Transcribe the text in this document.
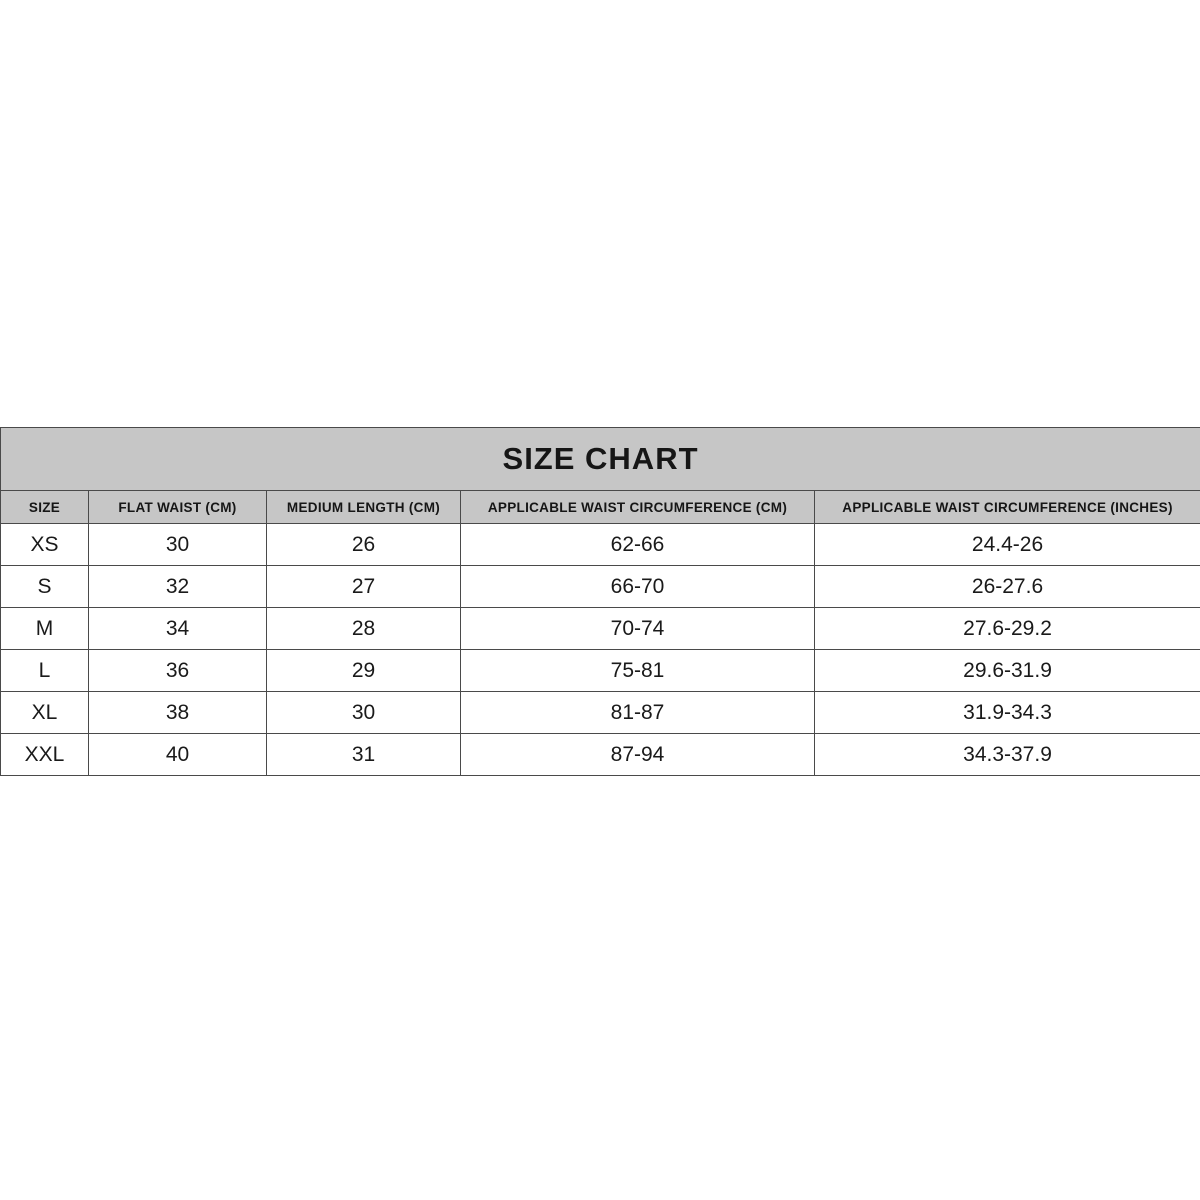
SIZE CHART				
SIZE	FLAT WAIST (CM)	MEDIUM LENGTH (CM)	APPLICABLE WAIST CIRCUMFERENCE (CM)	APPLICABLE WAIST CIRCUMFERENCE (INCHES)
XS	30	26	62-66	24.4-26
S	32	27	66-70	26-27.6
M	34	28	70-74	27.6-29.2
L	36	29	75-81	29.6-31.9
XL	38	30	81-87	31.9-34.3
XXL	40	31	87-94	34.3-37.9
